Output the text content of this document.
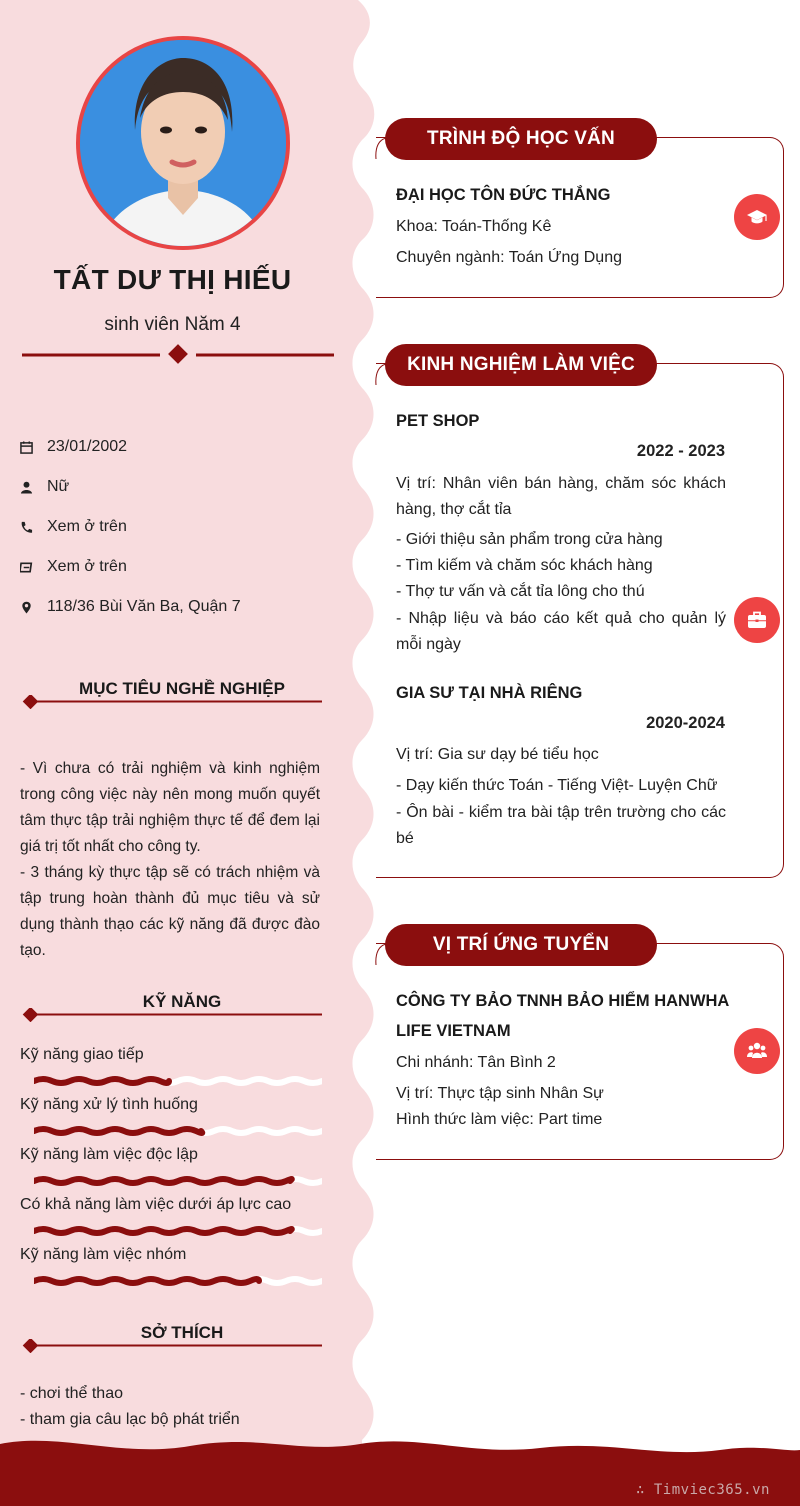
TẤT DƯ THỊ HIẾU
sinh viên Năm 4
23/01/2002
Nữ
Xem ở trên
Xem ở trên
118/36 Bùi Văn Ba, Quận 7
MỤC TIÊU NGHỀ NGHIỆP
- Vì chưa có trải nghiệm và kinh nghiệm trong công việc này nên mong muốn quyết tâm thực tập trải nghiệm thực tế để đem lại giá trị tốt nhất cho công ty.
- 3 tháng kỳ thực tập sẽ có trách nhiệm và tập trung hoàn thành đủ mục tiêu và sử dụng thành thạo các kỹ năng đã được đào tạo.
KỸ NĂNG
Kỹ năng giao tiếp
Kỹ năng xử lý tình huống
Kỹ năng làm việc độc lập
Có khả năng làm việc dưới áp lực cao
Kỹ năng làm việc nhóm
SỞ THÍCH
- chơi thể thao
- tham gia câu lạc bộ phát triển
TRÌNH ĐỘ HỌC VẤN
ĐẠI HỌC TÔN ĐỨC THẮNG
Khoa: Toán-Thống Kê
Chuyên ngành: Toán Ứng Dụng
KINH NGHIỆM LÀM VIỆC
PET SHOP
2022 - 2023
Vị trí: Nhân viên bán hàng, chăm sóc khách hàng, thợ cắt tỉa
- Giới thiệu sản phẩm trong cửa hàng
- Tìm kiếm và chăm sóc khách hàng
- Thợ tư vấn và cắt tỉa lông cho thú
- Nhập liệu và báo cáo kết quả cho quản lý mỗi ngày
GIA SƯ TẠI NHÀ RIÊNG
2020-2024
Vị trí: Gia sư dạy bé tiểu học
- Dạy kiến thức Toán - Tiếng Việt- Luyện Chữ
- Ôn bài - kiểm tra bài tập trên trường cho các bé
VỊ TRÍ ỨNG TUYỂN
CÔNG TY BẢO TNNH BẢO HIỂM HANWHA
LIFE VIETNAM
Chi nhánh: Tân Bình 2
Vị trí: Thực tập sinh Nhân Sự
Hình thức làm việc: Part time
∴ Timviec365.vn
